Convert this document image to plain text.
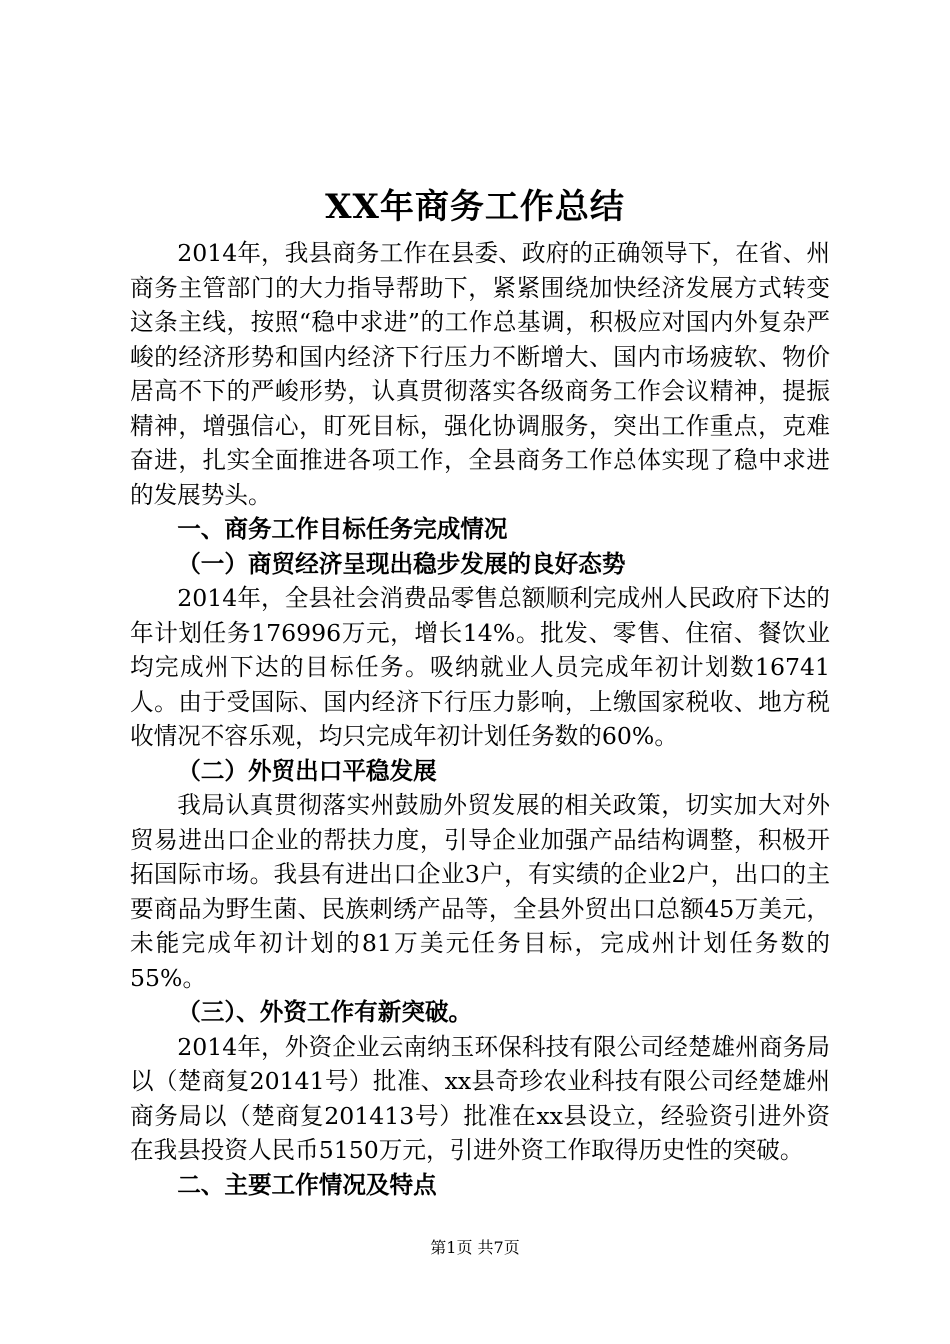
XX年商务工作总结

2014年，我县商务工作在县委、政府的正确领导下，在省、州商务主管部门的大力指导帮助下，紧紧围绕加快经济发展方式转变这条主线，按照“稳中求进”的工作总基调，积极应对国内外复杂严峻的经济形势和国内经济下行压力不断增大、国内市场疲软、物价居高不下的严峻形势，认真贯彻落实各级商务工作会议精神，提振精神，增强信心，盯死目标，强化协调服务，突出工作重点，克难奋进，扎实全面推进各项工作，全县商务工作总体实现了稳中求进的发展势头。

一、商务工作目标任务完成情况
（一）商贸经济呈现出稳步发展的良好态势

2014年，全县社会消费品零售总额顺利完成州人民政府下达的年计划任务176996万元，增长14%。批发、零售、住宿、餐饮业均完成州下达的目标任务。吸纳就业人员完成年初计划数16741人。由于受国际、国内经济下行压力影响，上缴国家税收、地方税收情况不容乐观，均只完成年初计划任务数的60%。

（二）外贸出口平稳发展

我局认真贯彻落实州鼓励外贸发展的相关政策，切实加大对外贸易进出口企业的帮扶力度，引导企业加强产品结构调整，积极开拓国际市场。我县有进出口企业3户，有实绩的企业2户，出口的主要商品为野生菌、民族刺绣产品等，全县外贸出口总额45万美元，未能完成年初计划的81万美元任务目标，完成州计划任务数的55%。

（三）、外资工作有新突破。

2014年，外资企业云南纳玉环保科技有限公司经楚雄州商务局以（楚商复20141号）批准、xx县奇珍农业科技有限公司经楚雄州商务局以（楚商复201413号）批准在xx县设立，经验资引进外资在我县投资人民币5150万元，引进外资工作取得历史性的突破。

二、主要工作情况及特点
第1页 共7页
